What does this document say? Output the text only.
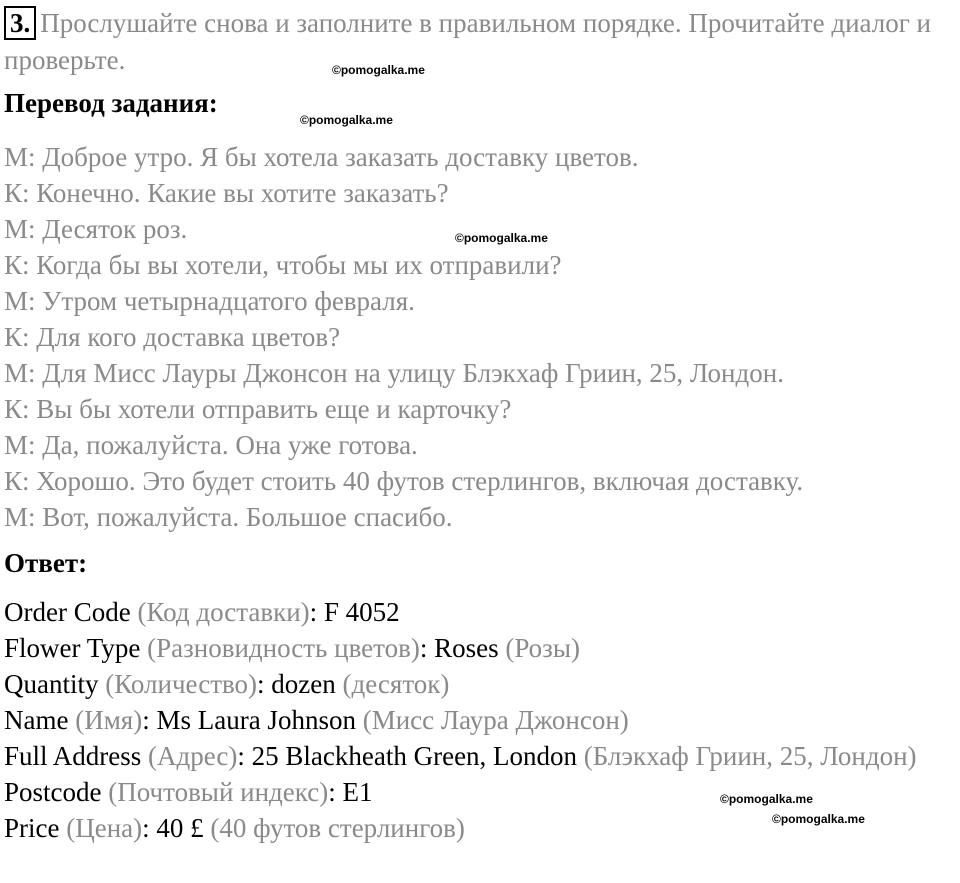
3. Прослушайте снова и заполните в правильном порядке. Прочитайте диалог и проверьте.
Перевод задания:
М: Доброе утро. Я бы хотела заказать доставку цветов.
К: Конечно. Какие вы хотите заказать?
М: Десяток роз.
К: Когда бы вы хотели, чтобы мы их отправили?
М: Утром четырнадцатого февраля.
К: Для кого доставка цветов?
М: Для Мисс Лауры Джонсон на улицу Блэкхаф Гриин, 25, Лондон.
К: Вы бы хотели отправить еще и карточку?
М: Да, пожалуйста. Она уже готова.
К: Хорошо. Это будет стоить 40 футов стерлингов, включая доставку.
М: Вот, пожалуйста. Большое спасибо.
Ответ:
Order Code (Код доставки): F 4052
Flower Type (Разновидность цветов): Roses (Розы)
Quantity (Количество): dozen (десяток)
Name (Имя): Ms Laura Johnson (Мисс Лаура Джонсон)
Full Address (Адрес): 25 Blackheath Green, London (Блэкхаф Гриин, 25, Лондон)
Postcode (Почтовый индекс): E1
Price (Цена): 40 £ (40 футов стерлингов)
©pomogalka.me
©pomogalka.me
©pomogalka.me
©pomogalka.me
©pomogalka.me
